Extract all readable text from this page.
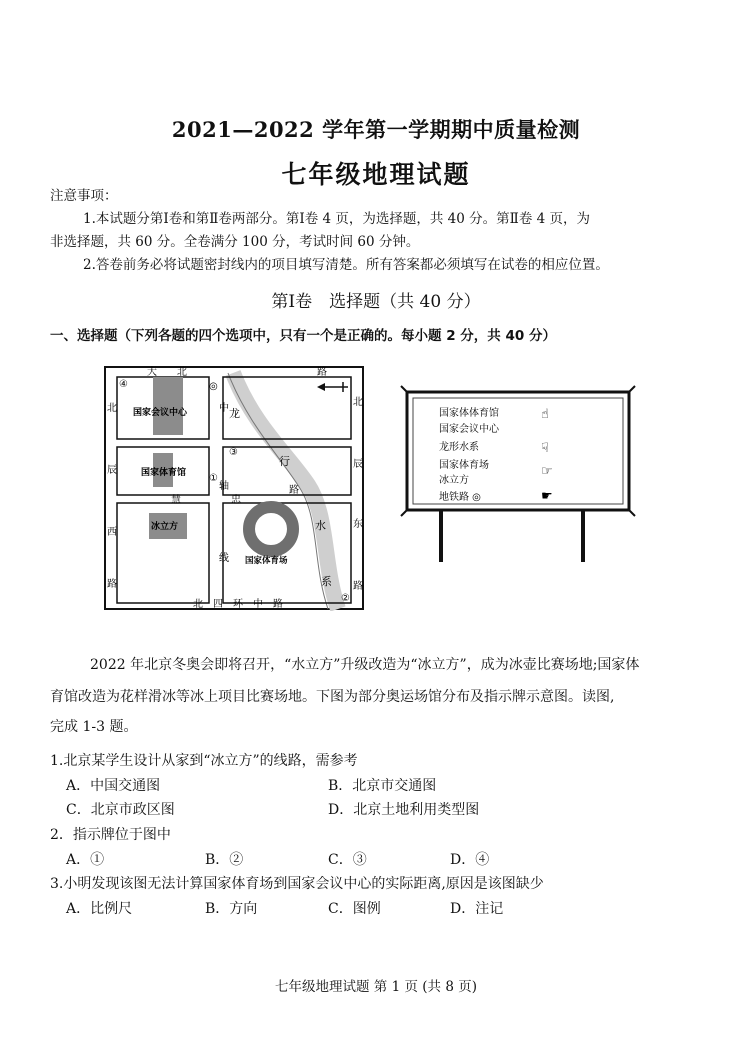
2021—2022 学年第一学期期中质量检测
七年级地理试题
注意事项：
1.本试题分第Ⅰ卷和第Ⅱ卷两部分。第Ⅰ卷 4 页，为选择题，共 40 分。第Ⅱ卷 4 页，为
非选择题，共 60 分。全卷满分 100 分，考试时间 60 分钟。
2.答卷前务必将试题密封线内的项目填写清楚。所有答案都必须填写在试卷的相应位置。
第Ⅰ卷　选择题（共 40 分）
一、选择题（下列各题的四个选项中，只有一个是正确的。每小题 2 分，共 40 分）
国家会议中心
国家体育馆
冰立方
国家体育场
大　　北　　　　　　　　　　　　　路
北　四　环　中　路
北
辰
西
路
北
辰
东
路
慧	忠
路
中
轴
线
龙
行
水
系
④	◎
③
①
②
国家体体育馆
国家会议中心
龙形水系
国家体育场
冰立方
地铁路 ◎
☝
☟
☞
☛
2022 年北京冬奥会即将召开，“水立方”升级改造为“冰立方”，成为冰壶比赛场地;国家体
育馆改造为花样滑冰等冰上项目比赛场地。下图为部分奥运场馆分布及指示牌示意图。读图,
完成 1-3 题。
1.北京某学生设计从家到“冰立方”的线路，需参考
A．中国交通图	B．北京市交通图
C．北京市政区图	D．北京土地利用类型图
2．指示牌位于图中
A．①	B．②	C．③	D．④
3.小明发现该图无法计算国家体育场到国家会议中心的实际距离,原因是该图缺少
A．比例尺	B．方向	C．图例	D．注记
七年级地理试题 第 1 页 (共 8 页)
